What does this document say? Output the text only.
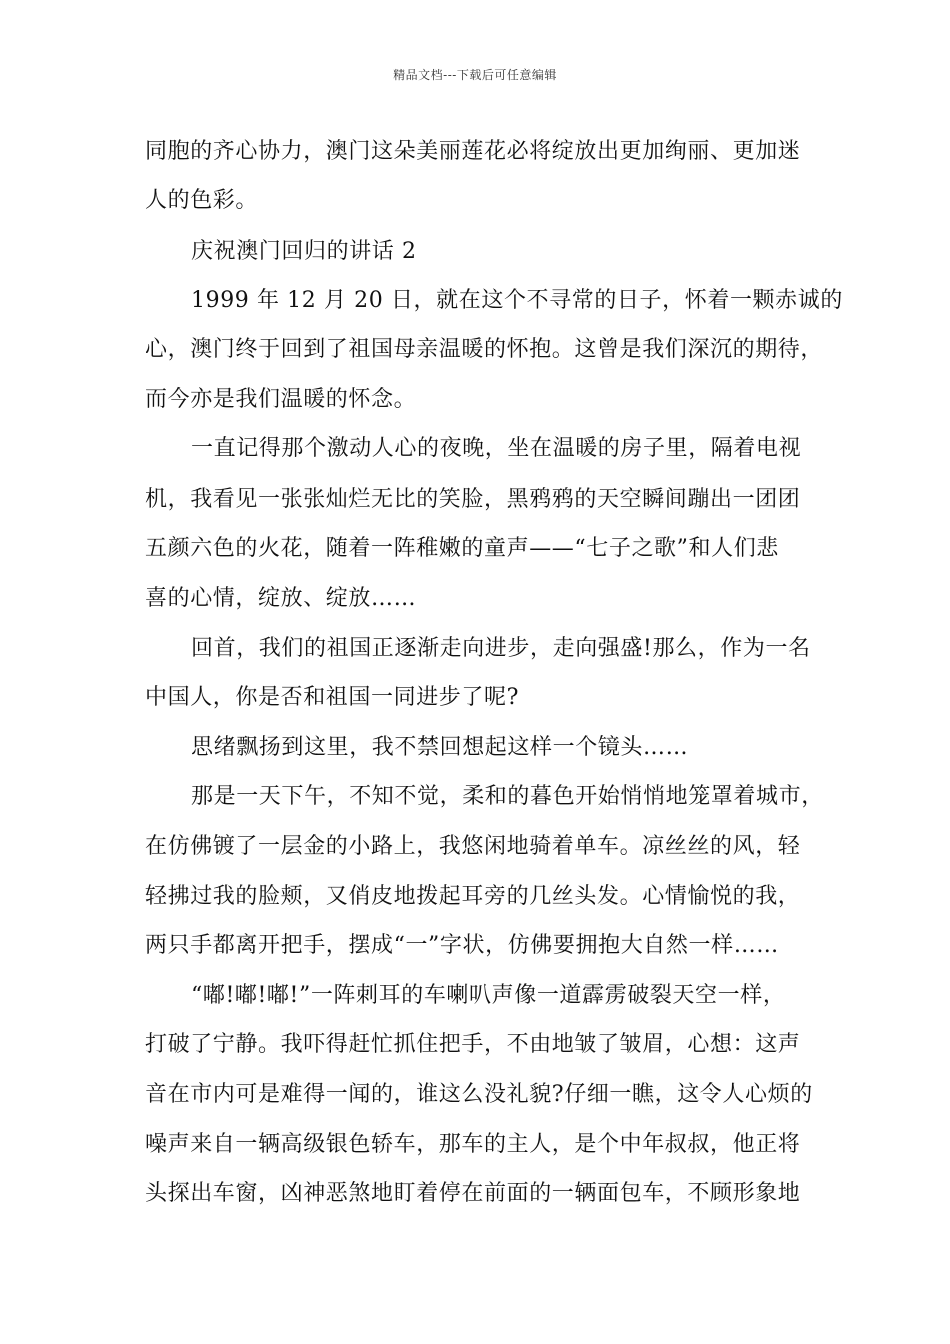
精品文档---下载后可任意编辑
同胞的齐心协力，澳门这朵美丽莲花必将绽放出更加绚丽、更加迷
人的色彩。
庆祝澳门回归的讲话 2
1999 年 12 月 20 日，就在这个不寻常的日子，怀着一颗赤诚的
心，澳门终于回到了祖国母亲温暖的怀抱。这曾是我们深沉的期待，
而今亦是我们温暖的怀念。
一直记得那个激动人心的夜晚，坐在温暖的房子里，隔着电视
机，我看见一张张灿烂无比的笑脸，黑鸦鸦的天空瞬间蹦出一团团
五颜六色的火花，随着一阵稚嫩的童声——“七子之歌”和人们悲
喜的心情，绽放、绽放……
回首，我们的祖国正逐渐走向进步，走向强盛!那么，作为一名
中国人，你是否和祖国一同进步了呢?
思绪飘扬到这里，我不禁回想起这样一个镜头……
那是一天下午，不知不觉，柔和的暮色开始悄悄地笼罩着城市，
在仿佛镀了一层金的小路上，我悠闲地骑着单车。凉丝丝的风，轻
轻拂过我的脸颊，又俏皮地拨起耳旁的几丝头发。心情愉悦的我，
两只手都离开把手，摆成“一”字状，仿佛要拥抱大自然一样……
“嘟!嘟!嘟!”一阵刺耳的车喇叭声像一道霹雳破裂天空一样，
打破了宁静。我吓得赶忙抓住把手，不由地皱了皱眉，心想：这声
音在市内可是难得一闻的，谁这么没礼貌?仔细一瞧，这令人心烦的
噪声来自一辆高级银色轿车，那车的主人，是个中年叔叔，他正将
头探出车窗，凶神恶煞地盯着停在前面的一辆面包车，不顾形象地
